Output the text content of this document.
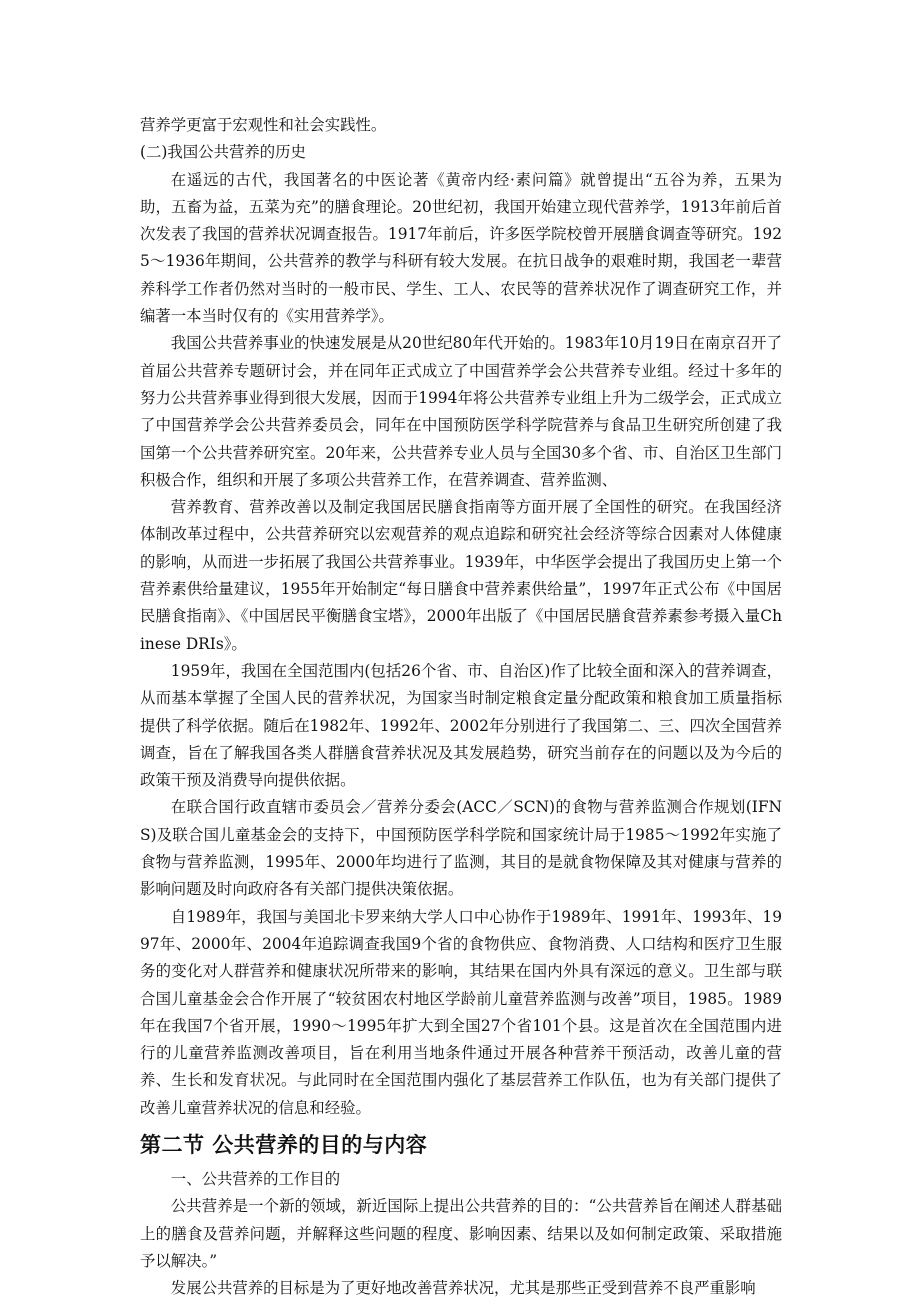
营养学更富于宏观性和社会实践性。

(二)我国公共营养的历史

在遥远的古代，我国著名的中医论著《黄帝内经·素问篇》就曾提出“五谷为养，五果为助，五畜为益，五菜为充”的膳食理论。20世纪初，我国开始建立现代营养学，1913年前后首次发表了我国的营养状况调查报告。1917年前后，许多医学院校曾开展膳食调查等研究。1925～1936年期间，公共营养的教学与科研有较大发展。在抗日战争的艰难时期，我国老一辈营养科学工作者仍然对当时的一般市民、学生、工人、农民等的营养状况作了调查研究工作，并编著一本当时仅有的《实用营养学》。

我国公共营养事业的快速发展是从20世纪80年代开始的。1983年10月19日在南京召开了首届公共营养专题研讨会，并在同年正式成立了中国营养学会公共营养专业组。经过十多年的努力公共营养事业得到很大发展，因而于1994年将公共营养专业组上升为二级学会，正式成立了中国营养学会公共营养委员会，同年在中国预防医学科学院营养与食品卫生研究所创建了我国第一个公共营养研究室。20年来，公共营养专业人员与全国30多个省、市、自治区卫生部门积极合作，组织和开展了多项公共营养工作，在营养调查、营养监测、

营养教育、营养改善以及制定我国居民膳食指南等方面开展了全国性的研究。在我国经济体制改革过程中，公共营养研究以宏观营养的观点追踪和研究社会经济等综合因素对人体健康的影响，从而进一步拓展了我国公共营养事业。1939年，中华医学会提出了我国历史上第一个营养素供给量建议，1955年开始制定“每日膳食中营养素供给量”，1997年正式公布《中国居民膳食指南》、《中国居民平衡膳食宝塔》，2000年出版了《中国居民膳食营养素参考摄入量Chinese DRIs》。

1959年，我国在全国范围内(包括26个省、市、自治区)作了比较全面和深入的营养调查，从而基本掌握了全国人民的营养状况，为国家当时制定粮食定量分配政策和粮食加工质量指标提供了科学依据。随后在1982年、1992年、2002年分别进行了我国第二、三、四次全国营养调查，旨在了解我国各类人群膳食营养状况及其发展趋势，研究当前存在的问题以及为今后的政策干预及消费导向提供依据。

在联合国行政直辖市委员会／营养分委会(ACC／SCN)的食物与营养监测合作规划(IFNS)及联合国儿童基金会的支持下，中国预防医学科学院和国家统计局于1985～1992年实施了食物与营养监测，1995年、2000年均进行了监测，其目的是就食物保障及其对健康与营养的影响问题及时向政府各有关部门提供决策依据。

自1989年，我国与美国北卡罗来纳大学人口中心协作于1989年、1991年、1993年、1997年、2000年、2004年追踪调查我国9个省的食物供应、食物消费、人口结构和医疗卫生服务的变化对人群营养和健康状况所带来的影响，其结果在国内外具有深远的意义。卫生部与联合国儿童基金会合作开展了“较贫困农村地区学龄前儿童营养监测与改善”项目，1985。1989年在我国7个省开展，1990～1995年扩大到全国27个省101个县。这是首次在全国范围内进行的儿童营养监测改善项目，旨在利用当地条件通过开展各种营养干预活动，改善儿童的营养、生长和发育状况。与此同时在全国范围内强化了基层营养工作队伍，也为有关部门提供了改善儿童营养状况的信息和经验。

第二节 公共营养的目的与内容

一、公共营养的工作目的

公共营养是一个新的领域，新近国际上提出公共营养的目的：“公共营养旨在阐述人群基础上的膳食及营养问题，并解释这些问题的程度、影响因素、结果以及如何制定政策、采取措施予以解决。”

发展公共营养的目标是为了更好地改善营养状况，尤其是那些正受到营养不良严重影响
